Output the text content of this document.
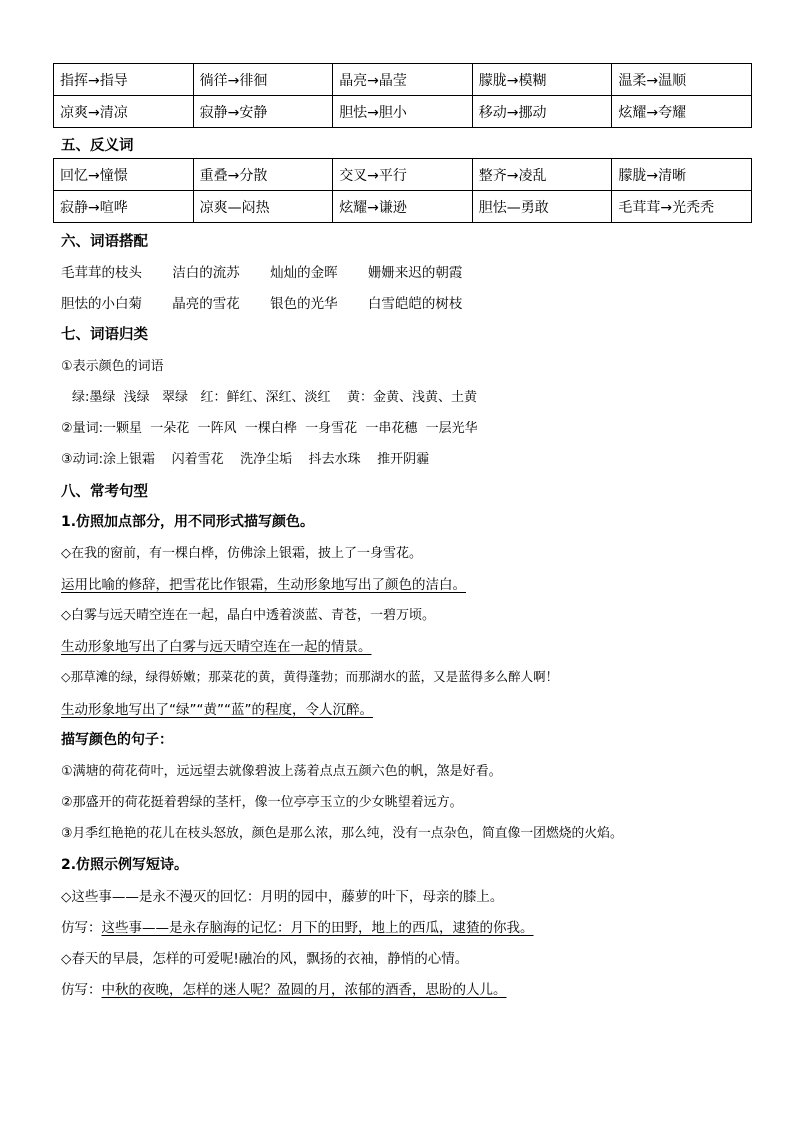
指挥→指导	徜徉→徘徊	晶亮→晶莹	朦胧→模糊	温柔→温顺
凉爽→清凉	寂静→安静	胆怯→胆小	移动→挪动	炫耀→夸耀
五、反义词
回忆→憧憬	重叠→分散	交叉→平行	整齐→凌乱	朦胧→清晰
寂静→喧哗	凉爽—闷热	炫耀→谦逊	胆怯—勇敢	毛茸茸→光秃秃
六、词语搭配
毛茸茸的枝头 洁白的流苏 灿灿的金晖 姗姗来迟的朝霞
胆怯的小白菊 晶亮的雪花 银色的光华 白雪皑皑的树枝
七、词语归类
①表示颜色的词语
绿:墨绿  浅绿   翠绿   红：鲜红、深红、淡红    黄：金黄、浅黄、土黄
②量词:一颗星  一朵花  一阵风  一棵白桦  一身雪花  一串花穗  一层光华
③动词:涂上银霜    闪着雪花    洗净尘垢    抖去水珠    推开阴霾
八、常考句型
1.仿照加点部分，用不同形式描写颜色。
◇在我的窗前，有一棵白桦，仿佛涂上银霜，披上了一身雪花。
运用比喻的修辞，把雪花比作银霜，生动形象地写出了颜色的洁白。
◇白雾与远天晴空连在一起，晶白中透着淡蓝、青苍，一碧万顷。
生动形象地写出了白雾与远天晴空连在一起的情景。
◇那草滩的绿，绿得娇嫩；那菜花的黄，黄得蓬勃；而那湖水的蓝，又是蓝得多么醉人啊！
生动形象地写出了“绿”“黄”“蓝”的程度，令人沉醉。
描写颜色的句子：
①满塘的荷花荷叶，远远望去就像碧波上荡着点点五颜六色的帆，煞是好看。
②那盛开的荷花挺着碧绿的茎杆，像一位亭亭玉立的少女眺望着远方。
③月季红艳艳的花儿在枝头怒放，颜色是那么浓，那么纯，没有一点杂色，简直像一团燃烧的火焰。
2.仿照示例写短诗。
◇这些事——是永不漫灭的回忆：月明的园中，藤萝的叶下，母亲的膝上。
仿写：这些事——是永存脑海的记忆：月下的田野，地上的西瓜，逮猹的你我。
◇春天的早晨，怎样的可爱呢!融冶的风，飘扬的衣袖，静悄的心情。
仿写：中秋的夜晚，怎样的迷人呢？盈圆的月，浓郁的酒香，思盼的人儿。
